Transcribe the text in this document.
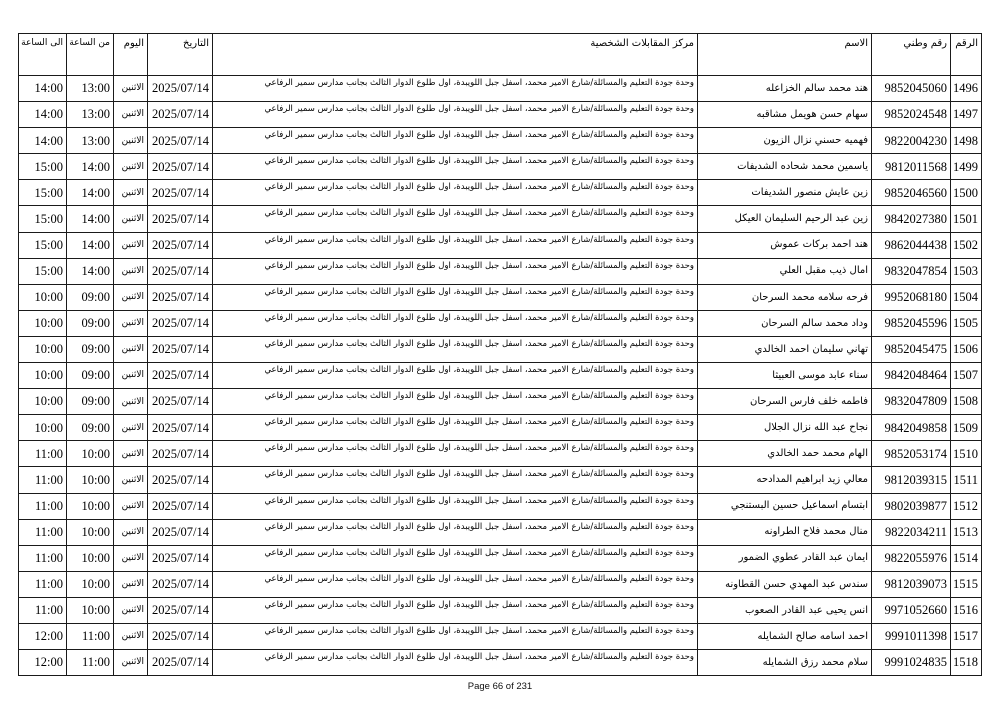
الرقم
رقم وطني
الاسم
مركز المقابلات الشخصية
التاريخ
اليوم
من الساعة
الى الساعة
1496
9852045060
هند محمد سالم الخزاعله
وحدة جودة التعليم والمسائلة/شارع الامير محمد، اسفل جبل اللويبدة، اول طلوع الدوار الثالث بجانب مدارس سمير الرفاعي
2025/07/14
الاثنين
13:00
14:00
1497
9852024548
سهام حسن هويمل مشاقبه
وحدة جودة التعليم والمسائلة/شارع الامير محمد، اسفل جبل اللويبدة، اول طلوع الدوار الثالث بجانب مدارس سمير الرفاعي
2025/07/14
الاثنين
13:00
14:00
1498
9822004230
فهميه حسني نزال الزيون
وحدة جودة التعليم والمسائلة/شارع الامير محمد، اسفل جبل اللويبدة، اول طلوع الدوار الثالث بجانب مدارس سمير الرفاعي
2025/07/14
الاثنين
13:00
14:00
1499
9812011568
ياسمين محمد شحاده الشديفات
وحدة جودة التعليم والمسائلة/شارع الامير محمد، اسفل جبل اللويبدة، اول طلوع الدوار الثالث بجانب مدارس سمير الرفاعي
2025/07/14
الاثنين
14:00
15:00
1500
9852046560
زين عايش منصور الشديفات
وحدة جودة التعليم والمسائلة/شارع الامير محمد، اسفل جبل اللويبدة، اول طلوع الدوار الثالث بجانب مدارس سمير الرفاعي
2025/07/14
الاثنين
14:00
15:00
1501
9842027380
زين عبد الرحيم السليمان العيكل
وحدة جودة التعليم والمسائلة/شارع الامير محمد، اسفل جبل اللويبدة، اول طلوع الدوار الثالث بجانب مدارس سمير الرفاعي
2025/07/14
الاثنين
14:00
15:00
1502
9862044438
هند احمد بركات عموش
وحدة جودة التعليم والمسائلة/شارع الامير محمد، اسفل جبل اللويبدة، اول طلوع الدوار الثالث بجانب مدارس سمير الرفاعي
2025/07/14
الاثنين
14:00
15:00
1503
9832047854
امال ذيب مقبل العلي
وحدة جودة التعليم والمسائلة/شارع الامير محمد، اسفل جبل اللويبدة، اول طلوع الدوار الثالث بجانب مدارس سمير الرفاعي
2025/07/14
الاثنين
14:00
15:00
1504
9952068180
فرحه سلامه محمد السرحان
وحدة جودة التعليم والمسائلة/شارع الامير محمد، اسفل جبل اللويبدة، اول طلوع الدوار الثالث بجانب مدارس سمير الرفاعي
2025/07/14
الاثنين
09:00
10:00
1505
9852045596
وداد محمد سالم السرحان
وحدة جودة التعليم والمسائلة/شارع الامير محمد، اسفل جبل اللويبدة، اول طلوع الدوار الثالث بجانب مدارس سمير الرفاعي
2025/07/14
الاثنين
09:00
10:00
1506
9852045475
تهاني سليمان احمد الخالدي
وحدة جودة التعليم والمسائلة/شارع الامير محمد، اسفل جبل اللويبدة، اول طلوع الدوار الثالث بجانب مدارس سمير الرفاعي
2025/07/14
الاثنين
09:00
10:00
1507
9842048464
سناء عابد موسى العبيثا
وحدة جودة التعليم والمسائلة/شارع الامير محمد، اسفل جبل اللويبدة، اول طلوع الدوار الثالث بجانب مدارس سمير الرفاعي
2025/07/14
الاثنين
09:00
10:00
1508
9832047809
فاطمه خلف فارس السرحان
وحدة جودة التعليم والمسائلة/شارع الامير محمد، اسفل جبل اللويبدة، اول طلوع الدوار الثالث بجانب مدارس سمير الرفاعي
2025/07/14
الاثنين
09:00
10:00
1509
9842049858
نجاح عبد الله نزال الجلال
وحدة جودة التعليم والمسائلة/شارع الامير محمد، اسفل جبل اللويبدة، اول طلوع الدوار الثالث بجانب مدارس سمير الرفاعي
2025/07/14
الاثنين
09:00
10:00
1510
9852053174
الهام محمد حمد الخالدي
وحدة جودة التعليم والمسائلة/شارع الامير محمد، اسفل جبل اللويبدة، اول طلوع الدوار الثالث بجانب مدارس سمير الرفاعي
2025/07/14
الاثنين
10:00
11:00
1511
9812039315
معالي زيد ابراهيم المدادحه
وحدة جودة التعليم والمسائلة/شارع الامير محمد، اسفل جبل اللويبدة، اول طلوع الدوار الثالث بجانب مدارس سمير الرفاعي
2025/07/14
الاثنين
10:00
11:00
1512
9802039877
ابتسام اسماعيل حسين البستنجي
وحدة جودة التعليم والمسائلة/شارع الامير محمد، اسفل جبل اللويبدة، اول طلوع الدوار الثالث بجانب مدارس سمير الرفاعي
2025/07/14
الاثنين
10:00
11:00
1513
9822034211
منال محمد فلاح الطراونه
وحدة جودة التعليم والمسائلة/شارع الامير محمد، اسفل جبل اللويبدة، اول طلوع الدوار الثالث بجانب مدارس سمير الرفاعي
2025/07/14
الاثنين
10:00
11:00
1514
9822055976
ايمان عبد القادر عطوي الضمور
وحدة جودة التعليم والمسائلة/شارع الامير محمد، اسفل جبل اللويبدة، اول طلوع الدوار الثالث بجانب مدارس سمير الرفاعي
2025/07/14
الاثنين
10:00
11:00
1515
9812039073
سندس عبد المهدي حسن القطاونه
وحدة جودة التعليم والمسائلة/شارع الامير محمد، اسفل جبل اللويبدة، اول طلوع الدوار الثالث بجانب مدارس سمير الرفاعي
2025/07/14
الاثنين
10:00
11:00
1516
9971052660
انس يحيى عبد القادر الصعوب
وحدة جودة التعليم والمسائلة/شارع الامير محمد، اسفل جبل اللويبدة، اول طلوع الدوار الثالث بجانب مدارس سمير الرفاعي
2025/07/14
الاثنين
10:00
11:00
1517
9991011398
احمد اسامه صالح الشمايله
وحدة جودة التعليم والمسائلة/شارع الامير محمد، اسفل جبل اللويبدة، اول طلوع الدوار الثالث بجانب مدارس سمير الرفاعي
2025/07/14
الاثنين
11:00
12:00
1518
9991024835
سلام محمد رزق الشمايله
وحدة جودة التعليم والمسائلة/شارع الامير محمد، اسفل جبل اللويبدة، اول طلوع الدوار الثالث بجانب مدارس سمير الرفاعي
2025/07/14
الاثنين
11:00
12:00
Page 66 of 231
